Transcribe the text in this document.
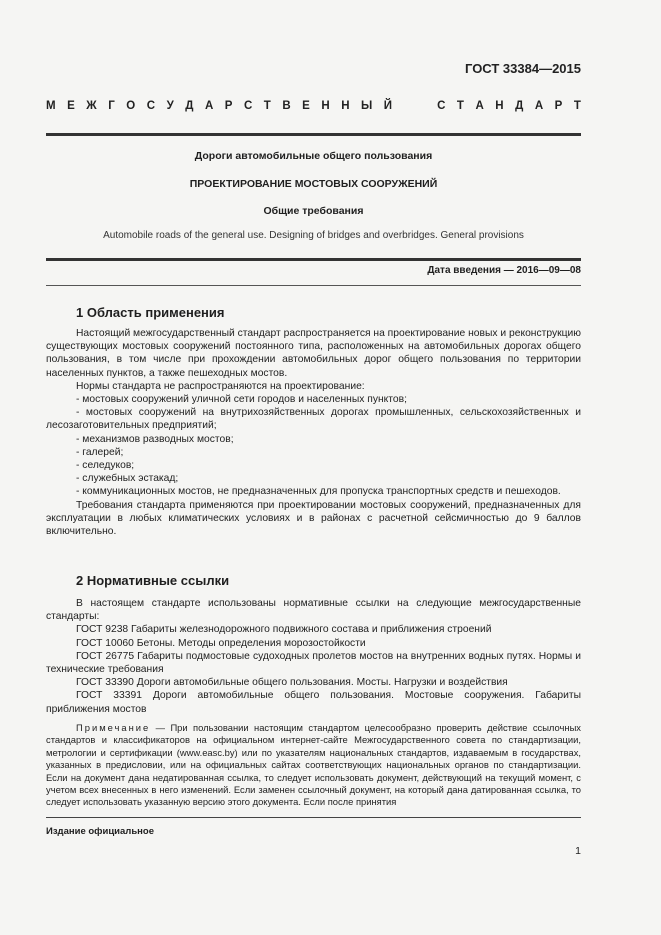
ГОСТ 33384—2015
М Е Ж Г О С У Д А Р С Т В Е Н Н Ы Й	С Т А Н Д А Р Т
Дороги автомобильные общего пользования
ПРОЕКТИРОВАНИЕ МОСТОВЫХ СООРУЖЕНИЙ
Общие требования
Automobile roads of the general use. Designing of bridges and overbridges. General provisions
Дата введения — 2016—09—08
1 Область применения

Настоящий межгосударственный стандарт распространяется на проектирование новых и реконструкцию существующих мостовых сооружений постоянного типа, расположенных на автомобильных дорогах общего пользования, в том числе при прохождении автомобильных дорог общего пользования по территории населенных пунктов, а также пешеходных мостов.

Нормы стандарта не распространяются на проектирование:

- мостовых сооружений уличной сети городов и населенных пунктов;

- мостовых сооружений на внутрихозяйственных дорогах промышленных, сельскохозяйственных и лесозаготовительных предприятий;

- механизмов разводных мостов;

- галерей;

- селедуков;

- служебных эстакад;

- коммуникационных мостов, не предназначенных для пропуска транспортных средств и пешеходов.

Требования стандарта применяются при проектировании мостовых сооружений, предназначенных для эксплуатации в любых климатических условиях и в районах с расчетной сейсмичностью до 9 баллов включительно.

2 Нормативные ссылки

В настоящем стандарте использованы нормативные ссылки на следующие межгосударственные стандарты:

ГОСТ 9238 Габариты железнодорожного подвижного состава и приближения строений

ГОСТ 10060 Бетоны. Методы определения морозостойкости

ГОСТ 26775 Габариты подмостовые судоходных пролетов мостов на внутренних водных путях. Нормы и технические требования

ГОСТ 33390 Дороги автомобильные общего пользования. Мосты. Нагрузки и воздействия

ГОСТ 33391 Дороги автомобильные общего пользования. Мостовые сооружения. Габариты приближения мостов

Примечание — При пользовании настоящим стандартом целесообразно проверить действие ссылочных стандартов и классификаторов на официальном интернет-сайте Межгосударственного совета по стандартизации, метрологии и сертификации (www.easc.by) или по указателям национальных стандартов, издаваемым в государствах, указанных в предисловии, или на официальных сайтах соответствующих национальных органов по стандартизации. Если на документ дана недатированная ссылка, то следует использовать документ, действующий на текущий момент, с учетом всех внесенных в него изменений. Если заменен ссылочный документ, на который дана датированная ссылка, то следует использовать указанную версию этого документа. Если после принятия

Издание официальное
1
